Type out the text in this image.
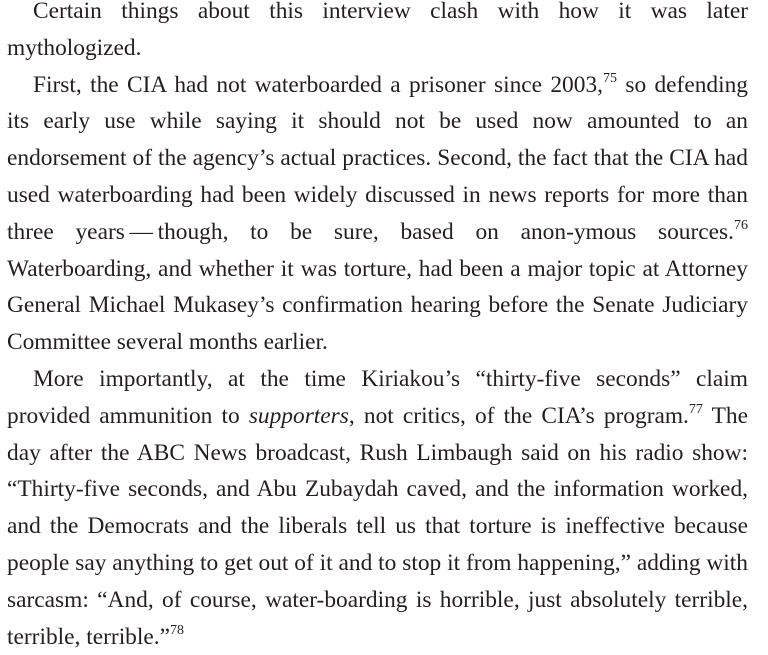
Certain things about this interview clash with how it was later mythologized.

First, the CIA had not waterboarded a prisoner since 2003,75 so defending its early use while saying it should not be used now amounted to an endorsement of the agency’s actual practices. Second, the fact that the CIA had used waterboarding had been widely discussed in news reports for more than three years — though, to be sure, based on anon-ymous sources.$^{76}$ Waterboarding, and whether it was torture, had been a major topic at Attorney General Michael Mukasey’s confirmation hearing before the Senate Judiciary Committee several months earlier.

More importantly, at the time Kiriakou’s “thirty-five seconds” claim provided ammunition to supporters, not critics, of the CIA’s program.$^{77}$ The day after the ABC News broadcast, Rush Limbaugh said on his radio show: “Thirty-five seconds, and Abu Zubaydah caved, and the information worked, and the Democrats and the liberals tell us that torture is ineffective because people say anything to get out of it and to stop it from happening,” adding with sarcasm: “And, of course, water-boarding is horrible, just absolutely terrible, terrible, terrible.”$^{78}$
